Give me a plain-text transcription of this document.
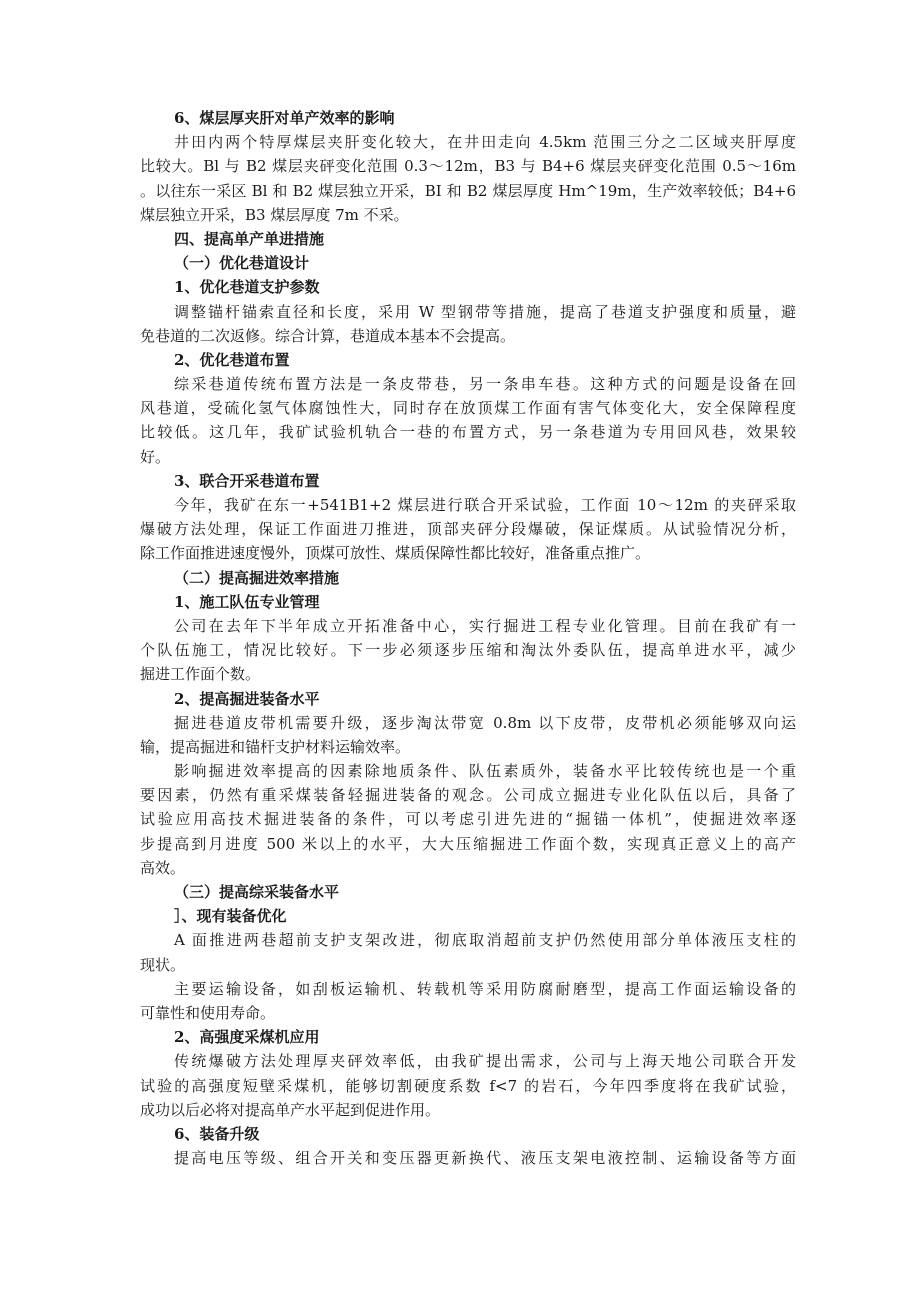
6、煤层厚夹肝对单产效率的影响
井田内两个特厚煤层夹肝变化较大，在井田走向 4.5km 范围三分之二区域夹肝厚度
比较大。Bl 与 B2 煤层夹砰变化范围 0.3～12m，B3 与 B4+6 煤层夹砰变化范围 0.5～16m
。以往东一采区 Bl 和 B2 煤层独立开采，BI 和 B2 煤层厚度 Hm^19m，生产效率较低；B4+6
煤层独立开采，B3 煤层厚度 7m 不采。
四、提高单产单进措施
（一）优化巷道设计
1、优化巷道支护参数
调整锚杆锚索直径和长度，采用 W 型钢带等措施，提高了巷道支护强度和质量，避
免巷道的二次返修。综合计算，巷道成本基本不会提高。
2、优化巷道布置
综采巷道传统布置方法是一条皮带巷，另一条串车巷。这种方式的问题是设备在回
风巷道，受硫化氢气体腐蚀性大，同时存在放顶煤工作面有害气体变化大，安全保障程度
比较低。这几年，我矿试验机轨合一巷的布置方式，另一条巷道为专用回风巷，效果较
好。
3、联合开采巷道布置
今年，我矿在东一+541B1+2 煤层进行联合开采试验，工作面 10～12m 的夹砰采取
爆破方法处理，保证工作面进刀推进，顶部夹砰分段爆破，保证煤质。从试验情况分析，
除工作面推进速度慢外，顶煤可放性、煤质保障性都比较好，准备重点推广。
（二）提高掘进效率措施
1、施工队伍专业管理
公司在去年下半年成立开拓准备中心，实行掘进工程专业化管理。目前在我矿有一
个队伍施工，情况比较好。下一步必须逐步压缩和淘汰外委队伍，提高单进水平，减少
掘进工作面个数。
2、提高掘进装备水平
掘进巷道皮带机需要升级，逐步淘汰带宽 0.8m 以下皮带，皮带机必须能够双向运
输，提高掘进和锚杆支护材料运输效率。
影响掘进效率提高的因素除地质条件、队伍素质外，装备水平比较传统也是一个重
要因素，仍然有重采煤装备轻掘进装备的观念。公司成立掘进专业化队伍以后，具备了
试验应用高技术掘进装备的条件，可以考虑引进先进的“掘锚一体机”，使掘进效率逐
步提高到月进度 500 米以上的水平，大大压缩掘进工作面个数，实现真正意义上的高产
高效。
（三）提高综采装备水平
］、现有装备优化
A 面推进两巷超前支护支架改进，彻底取消超前支护仍然使用部分单体液压支柱的
现状。
主要运输设备，如刮板运输机、转载机等采用防腐耐磨型，提高工作面运输设备的
可靠性和使用寿命。
2、高强度采煤机应用
传统爆破方法处理厚夹砰效率低，由我矿提出需求，公司与上海天地公司联合开发
试验的高强度短壁采煤机，能够切割硬度系数 f<7 的岩石，今年四季度将在我矿试验，
成功以后必将对提高单产水平起到促进作用。
6、装备升级
提高电压等级、组合开关和变压器更新换代、液压支架电液控制、运输设备等方面
